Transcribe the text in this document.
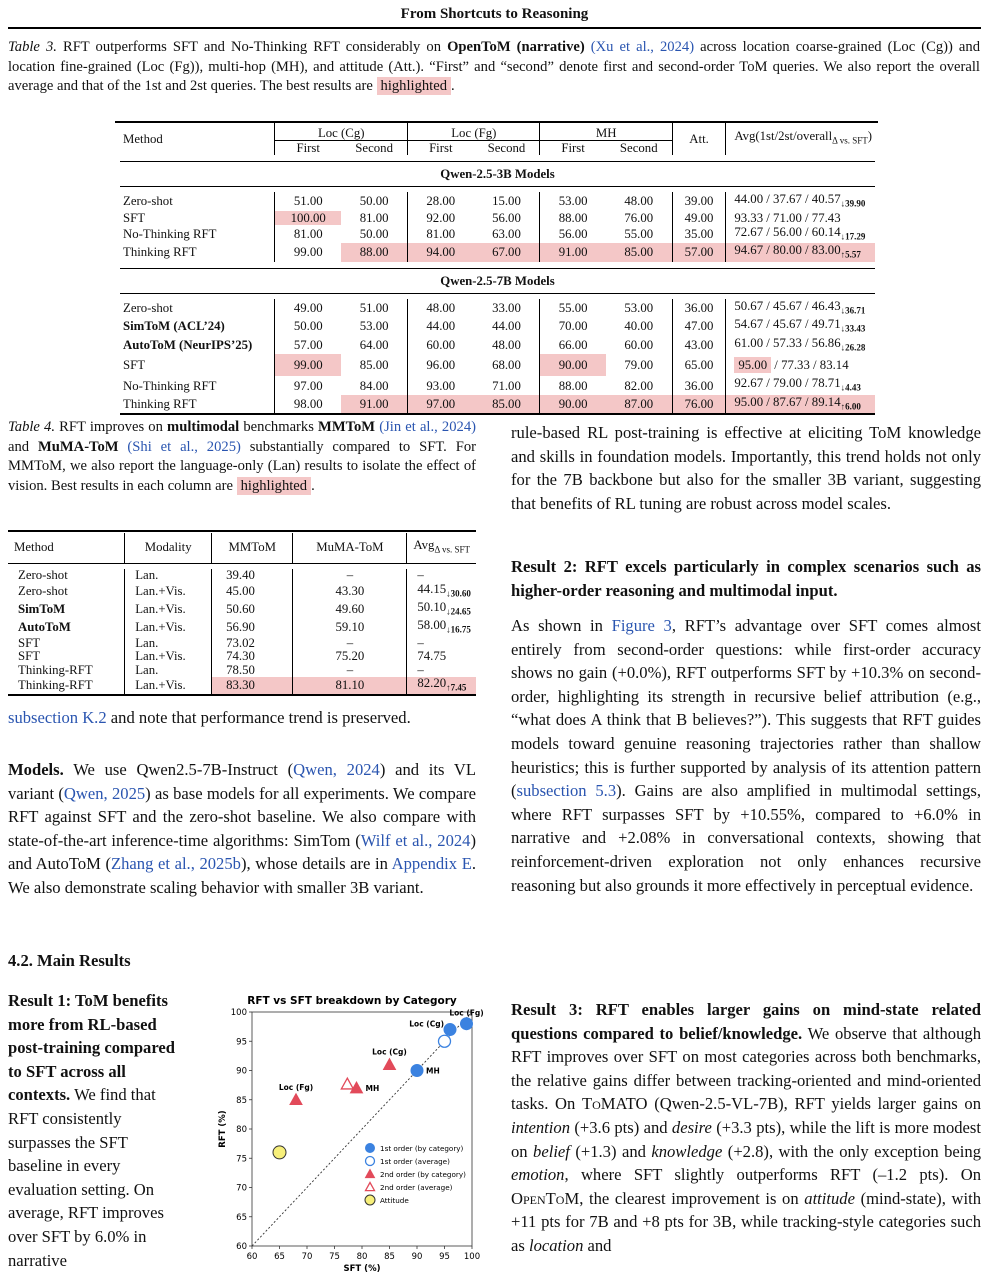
From Shortcuts to Reasoning
Table 3. RFT outperforms SFT and No-Thinking RFT considerably on OpenToM (narrative) (Xu et al., 2024) across location coarse-grained (Loc (Cg)) and location fine-grained (Loc (Fg)), multi-hop (MH), and attitude (Att.). “First” and “second” denote first and second-order ToM queries. We also report the overall average and that of the 1st and 2st queries. The best results are highlighted .
Method	Loc (Cg)		Loc (Fg)		MH		Att.	Avg(1st/2st/overall$_{\Delta vs. SFT}$)
	First	Second	First	Second	First	Second		

Qwen-2.5-3B Models								

Zero-shot	51.00	50.00	28.00	15.00	53.00	48.00	39.00	$44.00 / 37.67 / 40.57_{↓39.90}$
SFT	100.00	81.00	92.00	56.00	88.00	76.00	49.00	93.33 / 71.00 / 77.43
No-Thinking RFT	81.00	50.00	81.00	63.00	56.00	55.00	35.00	$72.67 / 56.00 / 60.14_{↓17.29}$
Thinking RFT	99.00	88.00	94.00	67.00	91.00	85.00	57.00	$94.67 / 80.00 / 83.00_{↑5.57}$

Qwen-2.5-7B Models								

Zero-shot	49.00	51.00	48.00	33.00	55.00	53.00	36.00	$50.67 / 45.67 / 46.43_{↓36.71}$
SimToM (ACL’24)	50.00	53.00	44.00	44.00	70.00	40.00	47.00	$54.67 / 45.67 / 49.71_{↓33.43}$
AutoToM (NeurIPS’25)	57.00	64.00	60.00	48.00	66.00	60.00	43.00	$61.00 / 57.33 / 56.86_{↓26.28}$
SFT	99.00	85.00	96.00	68.00	90.00	79.00	65.00	95.00 / 77.33 / 83.14
No-Thinking RFT	97.00	84.00	93.00	71.00	88.00	82.00	36.00	$92.67 / 79.00 / 78.71_{↓4.43}$
Thinking RFT	98.00	91.00	97.00	85.00	90.00	87.00	76.00	$95.00 / 87.67 / 89.14_{↑6.00}$

Table 4. RFT improves on multimodal benchmarks MMToM (Jin et al., 2024) and MuMA-ToM (Shi et al., 2025) substantially compared to SFT. For MMToM, we also report the language-only (Lan) results to isolate the effect of vision. Best results in each column are highlighted .
Method	Modality	MMToM	MuMA-ToM	Avg$_{\Delta vs. SFT}$

Zero-shot	Lan.	39.40	–	–
Zero-shot	Lan.+Vis.	45.00	43.30	$44.15_{↓30.60}$
SimToM	Lan.+Vis.	50.60	49.60	$50.10_{↓24.65}$
AutoToM	Lan.+Vis.	56.90	59.10	$58.00_{↓16.75}$
SFT	Lan.	73.02	–	–
SFT	Lan.+Vis.	74.30	75.20	74.75
Thinking-RFT	Lan.	78.50	–	–
Thinking-RFT	Lan.+Vis.	83.30	81.10	$82.20_{↑7.45}$
subsection K.2 and note that performance trend is preserved.
Models. We use Qwen2.5-7B-Instruct (Qwen, 2024) and its VL variant (Qwen, 2025) as base models for all experiments. We compare RFT against SFT and the zero-shot baseline. We also compare with state-of-the-art inference-time algorithms: SimTom (Wilf et al., 2024) and AutoToM (Zhang et al., 2025b), whose details are in Appendix E. We also demonstrate scaling behavior with smaller 3B variant.
4.2. Main Results
Result 1: ToM benefits more from RL-based post-training compared to SFT across all contexts. We find that RFT consistently surpasses the SFT baseline in every evaluation setting. On average, RFT improves over SFT by 6.0% in narrative
RFT vs SFT breakdown by Category
60 65 70 75 80 85 90 95 100
60
65
70
75
80
85
90
95
100
SFT (%)
RFT (%)
Loc (Fg)
Loc (Cg)
MH
Loc (Fg)
Loc (Cg)
MH
1st order (by category)
1st order (average)
2nd order (by category)
2nd order (average)
Attitude
rule-based RL post-training is effective at eliciting ToM knowledge and skills in foundation models. Importantly, this trend holds not only for the 7B backbone but also for the smaller 3B variant, suggesting that benefits of RL tuning are robust across model scales.
Result 2: RFT excels particularly in complex scenarios such as higher-order reasoning and multimodal input.
As shown in Figure 3, RFT’s advantage over SFT comes almost entirely from second-order questions: while first-order accuracy shows no gain (+0.0%), RFT outperforms SFT by +10.3% on second-order, highlighting its strength in recursive belief attribution (e.g., “what does A think that B believes?”). This suggests that RFT guides models toward genuine reasoning trajectories rather than shallow heuristics; this is further supported by analysis of its attention pattern (subsection 5.3). Gains are also amplified in multimodal settings, where RFT surpasses SFT by +10.55%, compared to +6.0% in narrative and +2.08% in conversational contexts, showing that reinforcement-driven exploration not only enhances recursive reasoning but also grounds it more effectively in perceptual evidence.
Result 3: RFT enables larger gains on mind-state related questions compared to belief/knowledge. We observe that although RFT improves over SFT on most categories across both benchmarks, the relative gains differ between tracking-oriented and mind-oriented tasks. On ToMATO (Qwen-2.5-VL-7B), RFT yields larger gains on intention (+3.6 pts) and desire (+3.3 pts), while the lift is more modest on belief (+1.3) and knowledge (+2.8), with the only exception being emotion, where SFT slightly outperforms RFT (–1.2 pts). On OpenToM, the clearest improvement is on attitude (mind-state), with +11 pts for 7B and +8 pts for 3B, while tracking-style categories such as location and
